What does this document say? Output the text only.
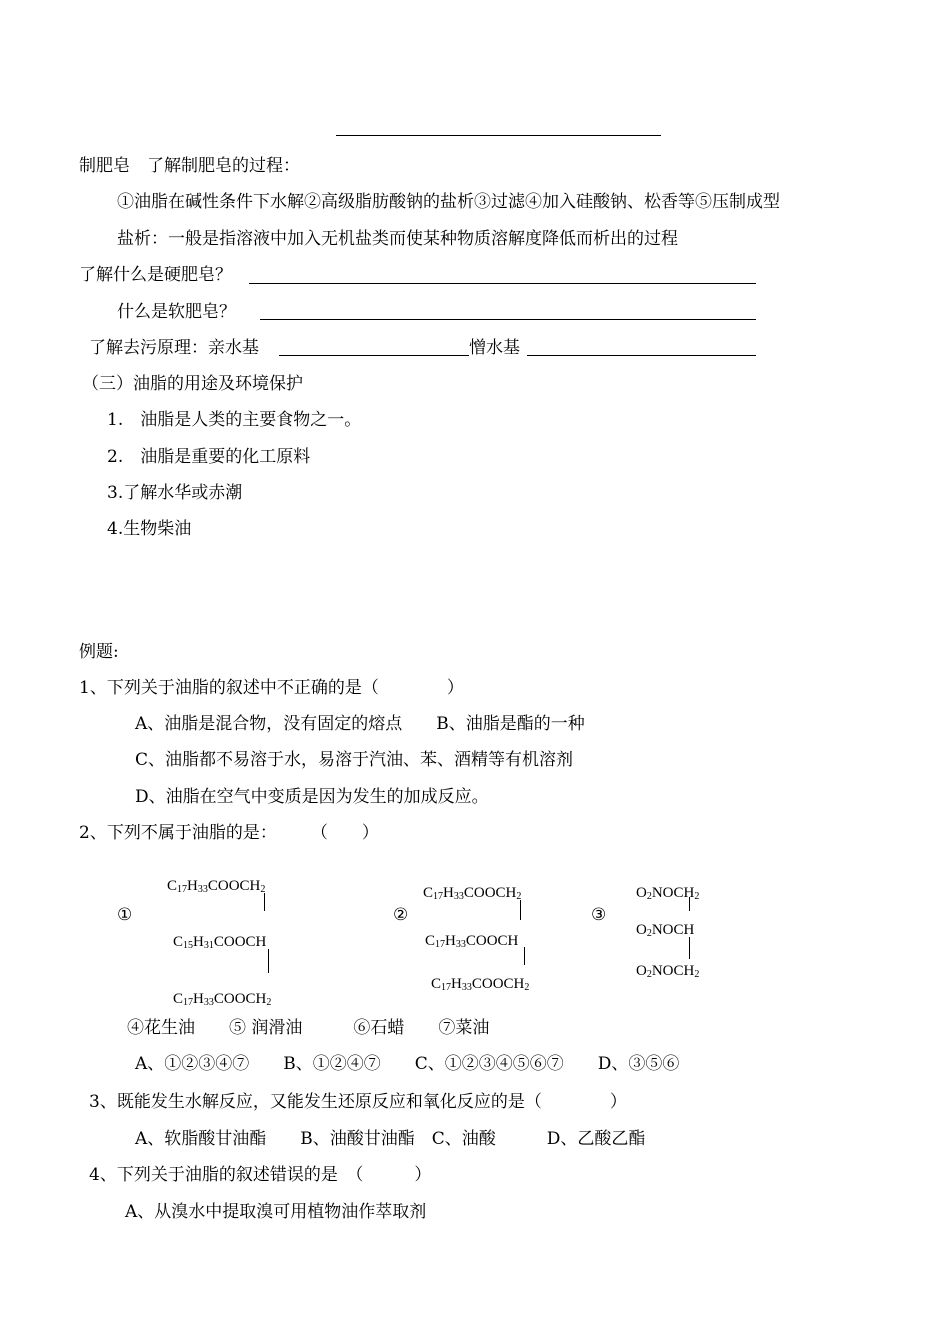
制肥皂　了解制肥皂的过程：
①油脂在碱性条件下水解②高级脂肪酸钠的盐析③过滤④加入硅酸钠、松香等⑤压制成型
盐析：一般是指溶液中加入无机盐类而使某种物质溶解度降低而析出的过程
了解什么是硬肥皂？
什么是软肥皂？
了解去污原理：亲水基	憎水基
（三）油脂的用途及环境保护
1.　油脂是人类的主要食物之一。
2.　油脂是重要的化工原料
3.了解水华或赤潮
4.生物柴油
例题:
1、下列关于油脂的叙述中不正确的是（　　　　）
A、油脂是混合物，没有固定的熔点　　B、油脂是酯的一种
C、油脂都不易溶于水，易溶于汽油、苯、酒精等有机溶剂
D、油脂在空气中变质是因为发生的加成反应。
2、下列不属于油脂的是：　　　（　　）
①
$C_{17}H_{33}COOCH_2$
$C_{15}H_{31}COOCH$
$C_{17}H_{33}COOCH_2$
②
$C_{17}H_{33}COOCH_2$
$C_{17}H_{33}COOCH$
$C_{17}H_{33}COOCH_2$
③
$O_2NOCH_2$
$O_2NOCH$
$O_2NOCH_2$
④花生油　　⑤ 润滑油　　　⑥石蜡　　⑦菜油
A、①②③④⑦　　B、①②④⑦　　C、①②③④⑤⑥⑦　　D、③⑤⑥
3、既能发生水解反应，又能发生还原反应和氧化反应的是（　　　　）
A、软脂酸甘油酯　　B、油酸甘油酯　C、油酸　　　D、乙酸乙酯
4、下列关于油脂的叙述错误的是　（　　　）
A、从溴水中提取溴可用植物油作萃取剂
